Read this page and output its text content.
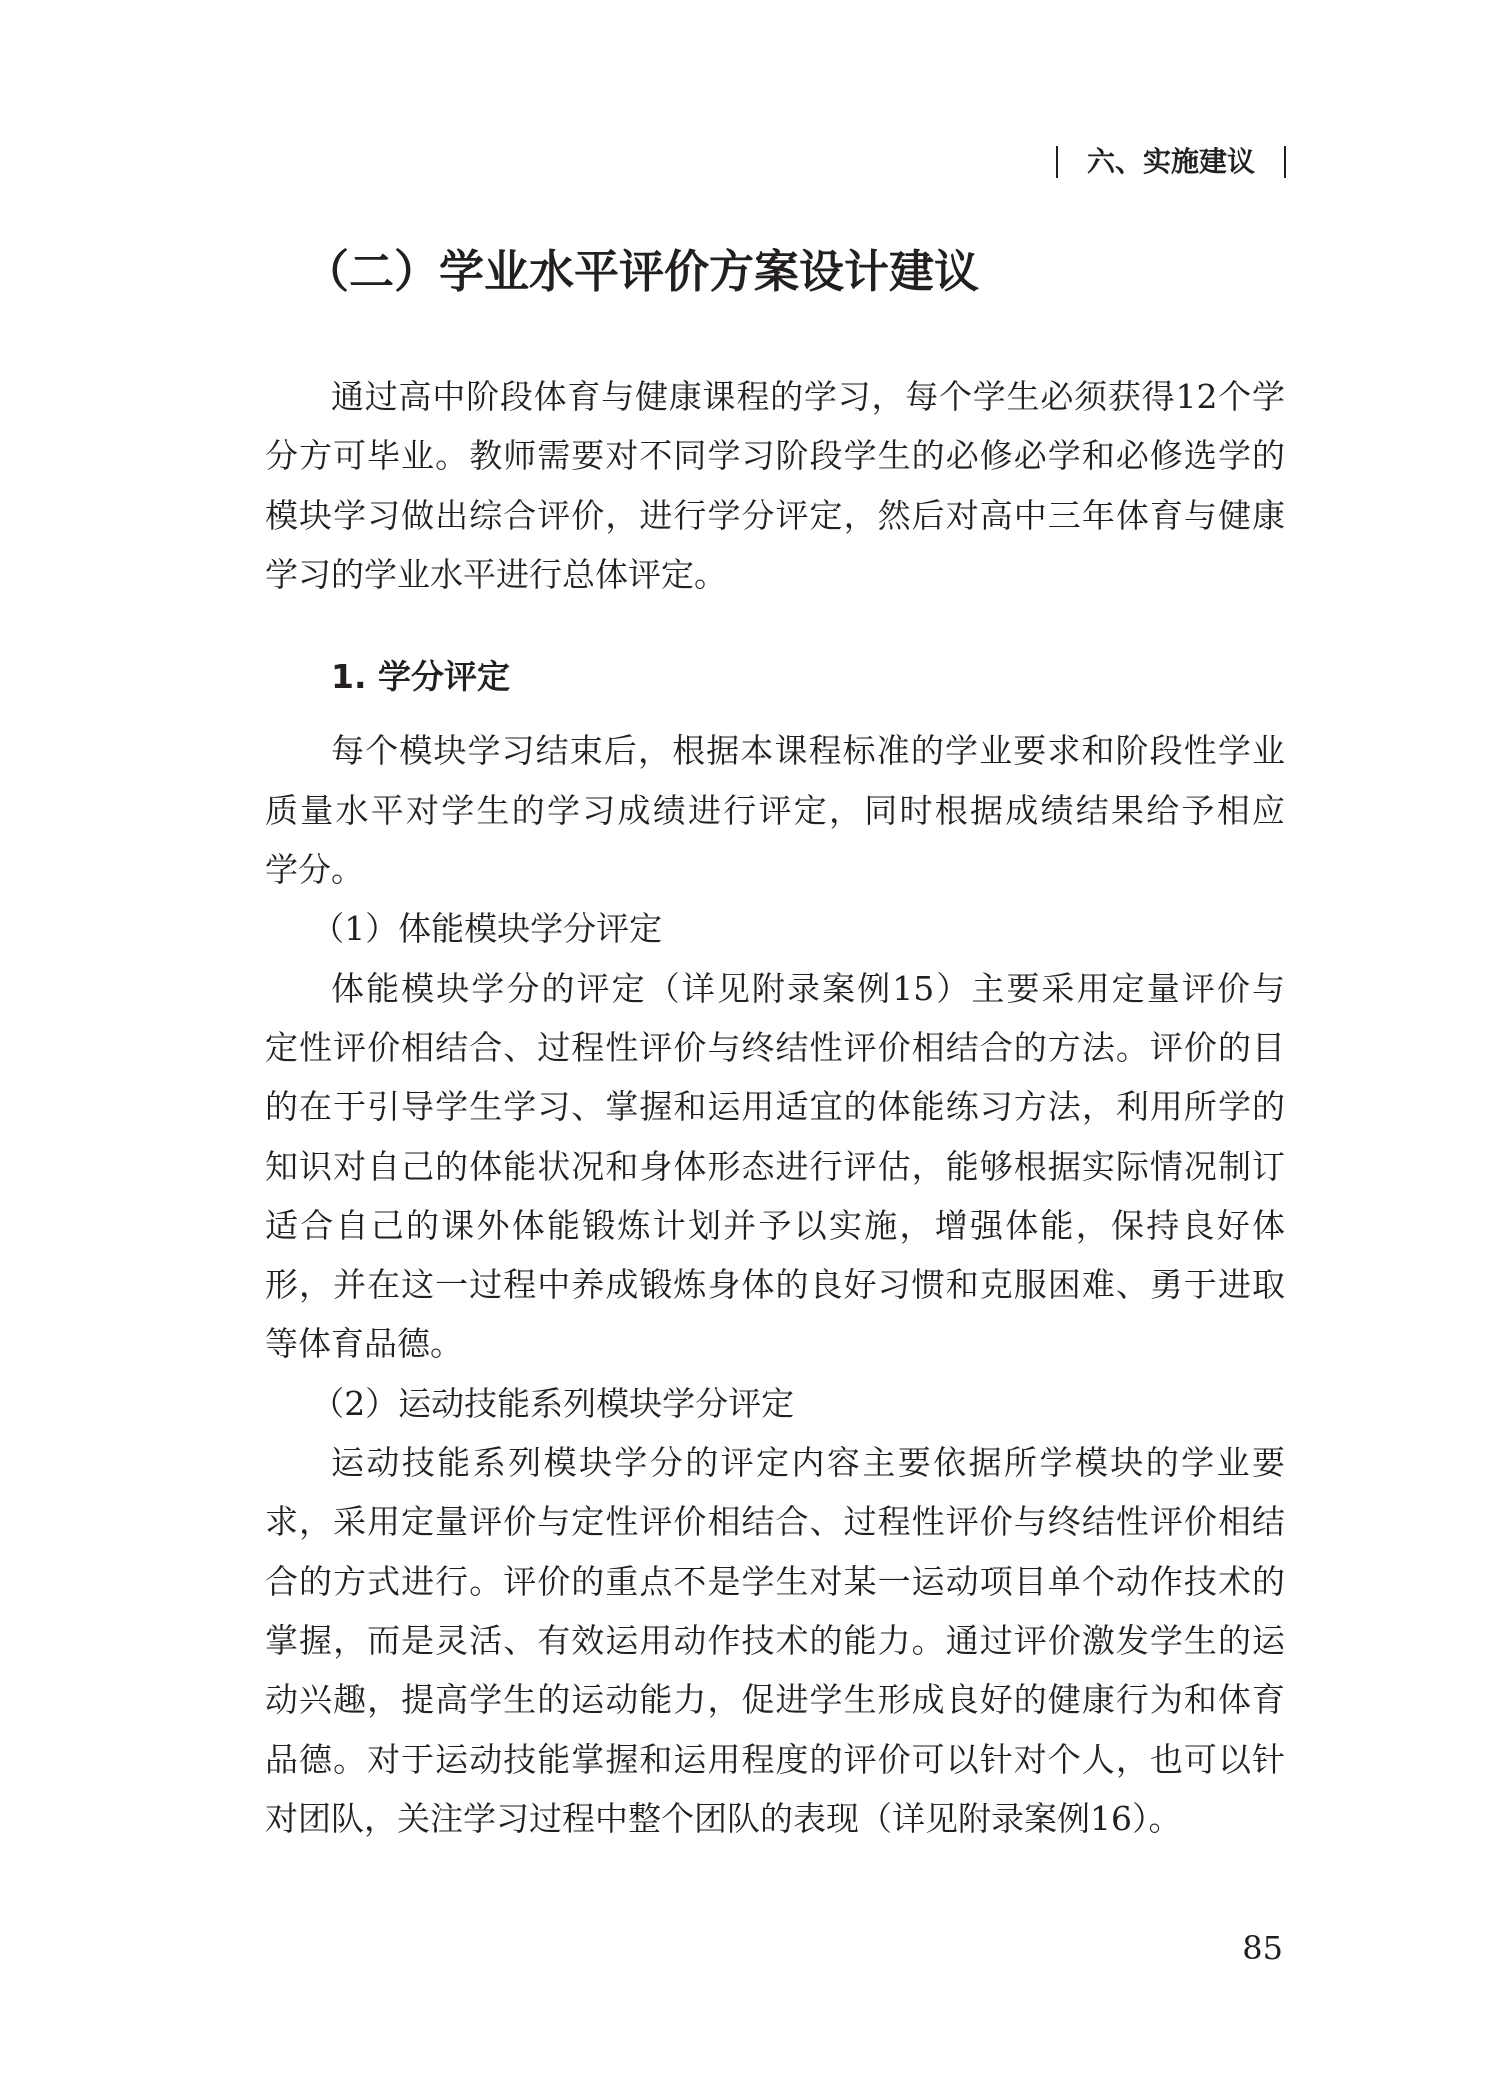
六、实施建议
（二）学业水平评价方案设计建议
通过高中阶段体育与健康课程的学习，每个学生必须获得12个学
分方可毕业。教师需要对不同学习阶段学生的必修必学和必修选学的
模块学习做出综合评价，进行学分评定，然后对高中三年体育与健康
学习的学业水平进行总体评定。
1. 学分评定
每个模块学习结束后，根据本课程标准的学业要求和阶段性学业
质量水平对学生的学习成绩进行评定，同时根据成绩结果给予相应
学分。
（1）体能模块学分评定
体能模块学分的评定（详见附录案例15）主要采用定量评价与
定性评价相结合、过程性评价与终结性评价相结合的方法。评价的目
的在于引导学生学习、掌握和运用适宜的体能练习方法，利用所学的
知识对自己的体能状况和身体形态进行评估，能够根据实际情况制订
适合自己的课外体能锻炼计划并予以实施，增强体能，保持良好体
形，并在这一过程中养成锻炼身体的良好习惯和克服困难、勇于进取
等体育品德。
（2）运动技能系列模块学分评定
运动技能系列模块学分的评定内容主要依据所学模块的学业要
求，采用定量评价与定性评价相结合、过程性评价与终结性评价相结
合的方式进行。评价的重点不是学生对某一运动项目单个动作技术的
掌握，而是灵活、有效运用动作技术的能力。通过评价激发学生的运
动兴趣，提高学生的运动能力，促进学生形成良好的健康行为和体育
品德。对于运动技能掌握和运用程度的评价可以针对个人，也可以针
对团队，关注学习过程中整个团队的表现（详见附录案例16）。
85
